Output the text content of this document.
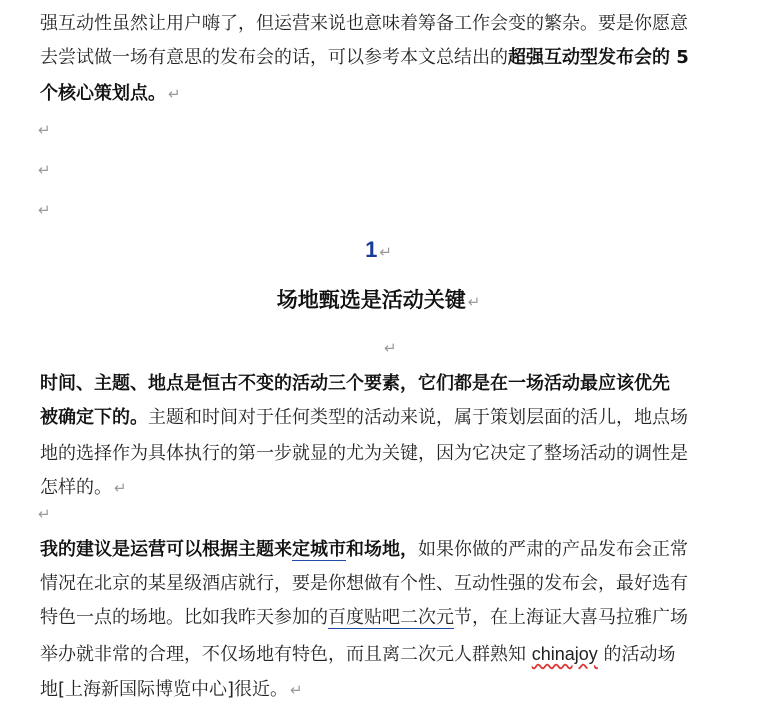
强互动性虽然让用户嗨了，但运营来说也意味着筹备工作会变的繁杂。要是你愿意
去尝试做一场有意思的发布会的话，可以参考本文总结出的超强互动型发布会的 5
个核心策划点。 ↵
↵
↵
↵
1 ↵
场地甄选是活动关键 ↵
↵
时间、主题、地点是恒古不变的活动三个要素，它们都是在一场活动最应该优先
被确定下的。主题和时间对于任何类型的活动来说，属于策划层面的活儿，地点场
地的选择作为具体执行的第一步就显的尤为关键，因为它决定了整场活动的调性是
怎样的。 ↵
↵
我的建议是运营可以根据主题来定城市和场地，如果你做的严肃的产品发布会正常
情况在北京的某星级酒店就行，要是你想做有个性、互动性强的发布会，最好选有
特色一点的场地。比如我昨天参加的百度贴吧二次元节，在上海证大喜马拉雅广场
举办就非常的合理，不仅场地有特色，而且离二次元人群熟知 chinajoy 的活动场
地[上海新国际博览中心]很近。 ↵
